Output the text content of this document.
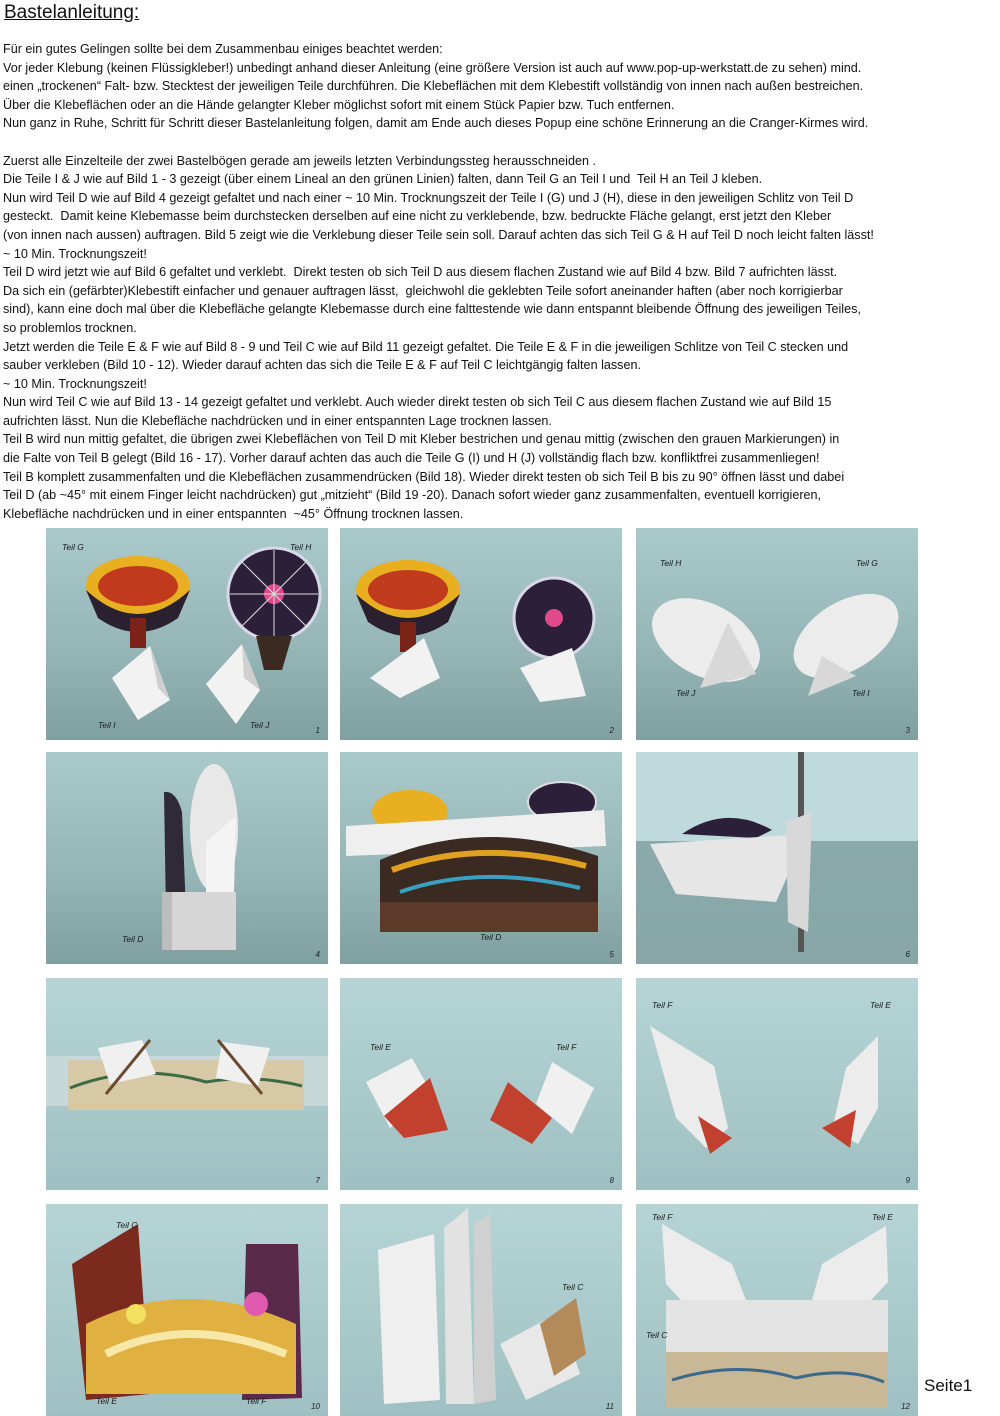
Bastelanleitung:

Für ein gutes Gelingen sollte bei dem Zusammenbau einiges beachtet werden:

Vor jeder Klebung (keinen Flüssigkleber!) unbedingt anhand dieser Anleitung (eine größere Version ist auch auf www.pop-up-werkstatt.de zu sehen) mind.

einen „trockenen“ Falt- bzw. Stecktest der jeweiligen Teile durchführen. Die Klebeflächen mit dem Klebestift vollständig von innen nach außen bestreichen.

Über die Klebeflächen oder an die Hände gelangter Kleber möglichst sofort mit einem Stück Papier bzw. Tuch entfernen.

Nun ganz in Ruhe, Schritt für Schritt dieser Bastelanleitung folgen, damit am Ende auch dieses Popup eine schöne Erinnerung an die Cranger-Kirmes wird.

Zuerst alle Einzelteile der zwei Bastelbögen gerade am jeweils letzten Verbindungssteg herausschneiden .

Die Teile I & J wie auf Bild 1 - 3 gezeigt (über einem Lineal an den grünen Linien) falten, dann Teil G an Teil I und  Teil H an Teil J kleben.

Nun wird Teil D wie auf Bild 4 gezeigt gefaltet und nach einer ~ 10 Min. Trocknungszeit der Teile I (G) und J (H), diese in den jeweiligen Schlitz von Teil D

gesteckt.  Damit keine Klebemasse beim durchstecken derselben auf eine nicht zu verklebende, bzw. bedruckte Fläche gelangt, erst jetzt den Kleber

(von innen nach aussen) auftragen. Bild 5 zeigt wie die Verklebung dieser Teile sein soll. Darauf achten das sich Teil G & H auf Teil D noch leicht falten lässt!

~ 10 Min. Trocknungszeit!

Teil D wird jetzt wie auf Bild 6 gefaltet und verklebt.  Direkt testen ob sich Teil D aus diesem flachen Zustand wie auf Bild 4 bzw. Bild 7 aufrichten lässt.

Da sich ein (gefärbter)Klebestift einfacher und genauer auftragen lässt,  gleichwohl die geklebten Teile sofort aneinander haften (aber noch korrigierbar

sind), kann eine doch mal über die Klebefläche gelangte Klebemasse durch eine falttestende wie dann entspannt bleibende Öffnung des jeweiligen Teiles,

so problemlos trocknen.

Jetzt werden die Teile E & F wie auf Bild 8 - 9 und Teil C wie auf Bild 11 gezeigt gefaltet. Die Teile E & F in die jeweiligen Schlitze von Teil C stecken und

sauber verkleben (Bild 10 - 12). Wieder darauf achten das sich die Teile E & F auf Teil C leichtgängig falten lassen.

~ 10 Min. Trocknungszeit!

Nun wird Teil C wie auf Bild 13 - 14 gezeigt gefaltet und verklebt. Auch wieder direkt testen ob sich Teil C aus diesem flachen Zustand wie auf Bild 15

aufrichten lässt. Nun die Klebefläche nachdrücken und in einer entspannten Lage trocknen lassen.

Teil B wird nun mittig gefaltet, die übrigen zwei Klebeflächen von Teil D mit Kleber bestrichen und genau mittig (zwischen den grauen Markierungen) in

die Falte von Teil B gelegt (Bild 16 - 17). Vorher darauf achten das auch die Teile G (I) und H (J) vollständig flach bzw. konfliktfrei zusammenliegen!

Teil B komplett zusammenfalten und die Klebeflächen zusammendrücken (Bild 18). Wieder direkt testen ob sich Teil B bis zu 90° öffnen lässt und dabei

Teil D (ab ~45° mit einem Finger leicht nachdrücken) gut „mitzieht“ (Bild 19 -20). Danach sofort wieder ganz zusammenfalten, eventuell korrigieren,

Klebefläche nachdrücken und in einer entspannten  ~45° Öffnung trocknen lassen.

Teil G	Teil H
Teil I	Teil J
1	2
Teil H	Teil G
Teil J	Teil I
3
Teil D
4
Teil D
5	6
7
Teil E	Teil F
8
Teil F	Teil E
9
Teil C
Teil E	Teil F
10
Teil C
11
Teil F	Teil E
Teil C
12
Seite1
